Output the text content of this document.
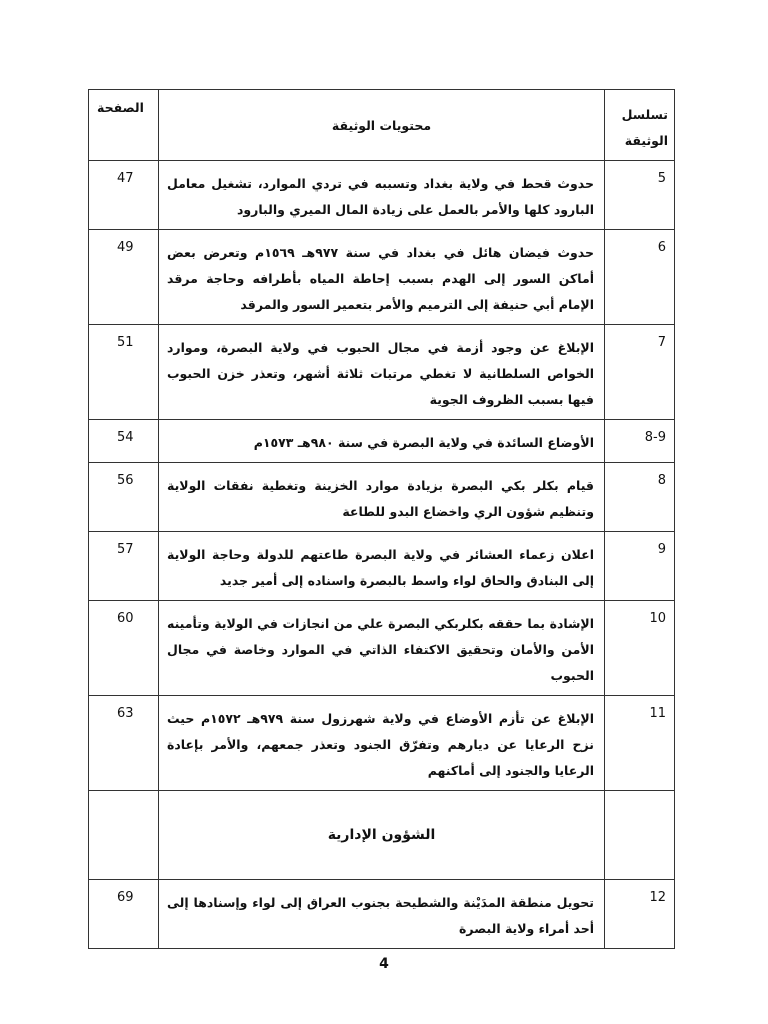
تسلسل
الوثيقة	محتويات الوثيقة	الصفحة
5	حدوث قحط في ولاية بغداد وتسببه في تردي الموارد، تشغيل معامل البارود كلها والأمر بالعمل على زيادة المال الميري والبارود	47
6	حدوث فيضان هائل في بغداد في سنة ٩٧٧هـ ١٥٦٩م وتعرض بعض أماكن السور إلى الهدم بسبب إحاطة المياه بأطرافه وحاجة مرقد الإمام أبي حنيفة إلى الترميم والأمر بتعمير السور والمرقد	49
7	الإبلاغ عن وجود أزمة في مجال الحبوب في ولاية البصرة، وموارد الخواص السلطانية لا تغطي مرتبات ثلاثة أشهر، وتعذر خزن الحبوب فيها بسبب الظروف الجوية	51
8-9	الأوضاع السائدة في ولاية البصرة في سنة ٩٨٠هـ ١٥٧٣م	54
8	قيام بكلر بكي البصرة بزيادة موارد الخزينة وتغطية نفقات الولاية وتنظيم شؤون الري واخضاع البدو للطاعة	56
9	اعلان زعماء العشائر في ولاية البصرة طاعتهم للدولة وحاجة الولاية إلى البنادق والحاق لواء واسط بالبصرة واسناده إلى أمير جديد	57
10	الإشادة بما حققه بكلربكي البصرة علي من انجازات في الولاية وتأمينه الأمن والأمان وتحقيق الاكتفاء الذاتي في الموارد وخاصة في مجال الحبوب	60
11	الإبلاغ عن تأزم الأوضاع في ولاية شهرزول سنة ٩٧٩هـ ١٥٧٢م حيث نزح الرعايا عن ديارهم وتفرّق الجنود وتعذر جمعهم، والأمر بإعادة الرعايا والجنود إلى أماكنهم	63
	الشؤون الإدارية	
12	تحويل منطقة المدَيْنة والشطيحة بجنوب العراق إلى لواء وإسنادها إلى أحد أمراء ولاية البصرة	69
4
